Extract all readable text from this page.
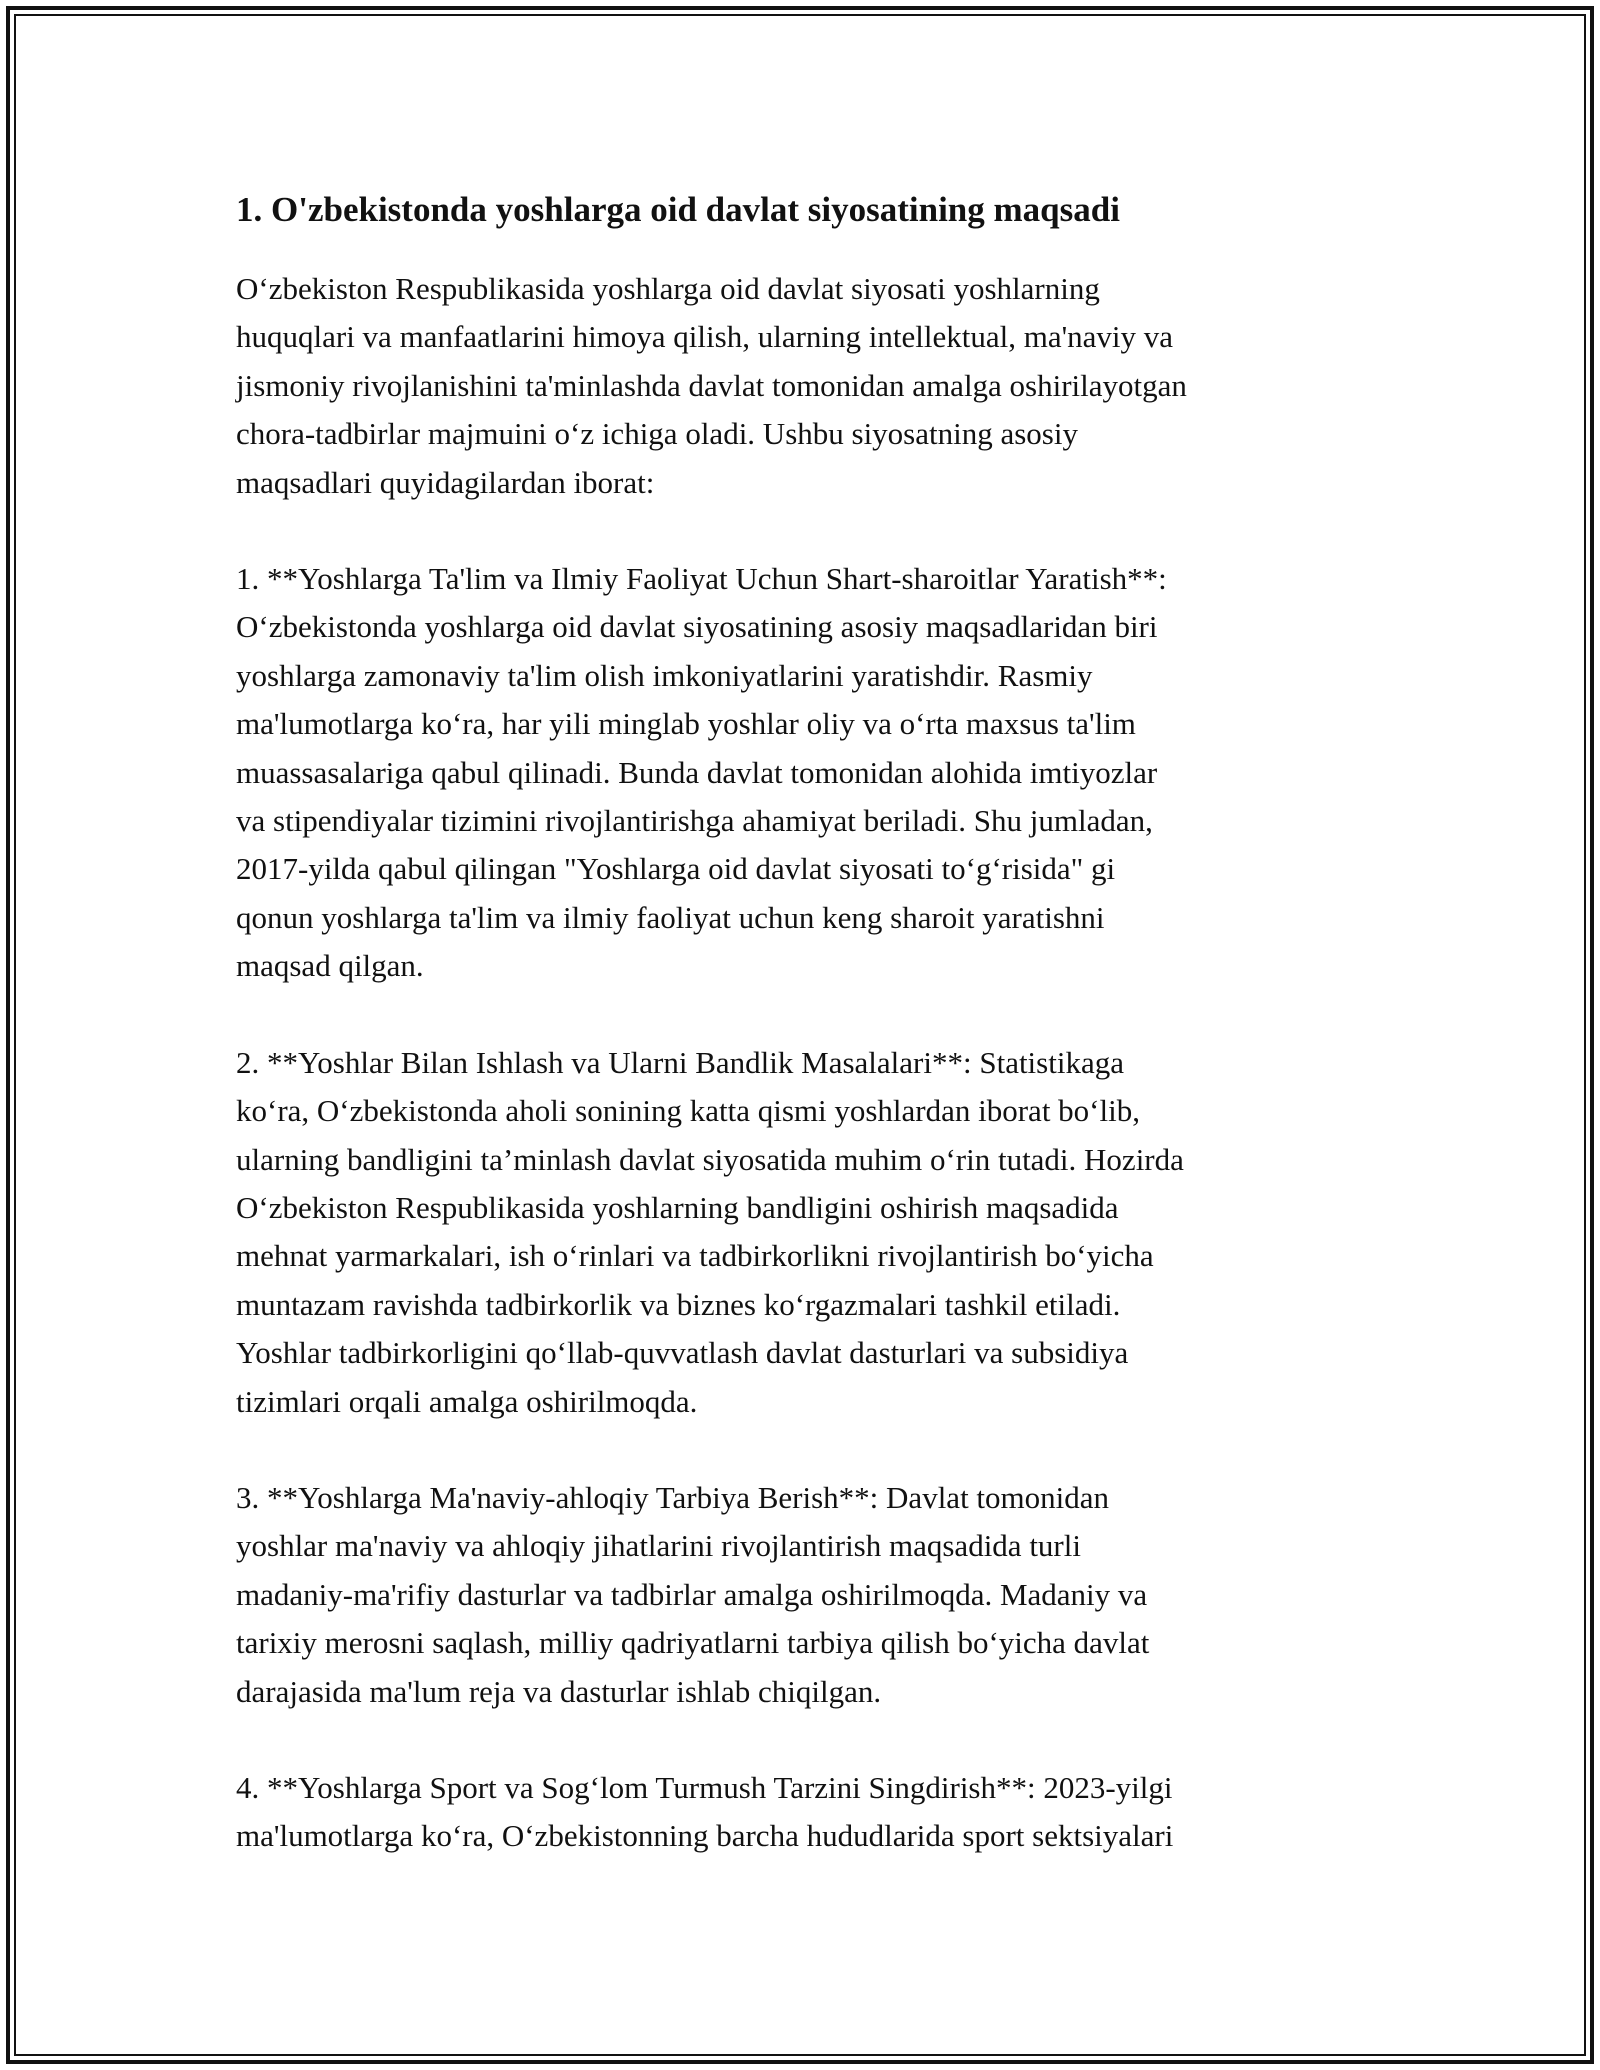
1. O'zbekistonda yoshlarga oid davlat siyosatining maqsadi

O‘zbekiston Respublikasida yoshlarga oid davlat siyosati yoshlarning
huquqlari va manfaatlarini himoya qilish, ularning intellektual, ma'naviy va
jismoniy rivojlanishini ta'minlashda davlat tomonidan amalga oshirilayotgan
chora-tadbirlar majmuini o‘z ichiga oladi. Ushbu siyosatning asosiy
maqsadlari quyidagilardan iborat:

1. **Yoshlarga Ta'lim va Ilmiy Faoliyat Uchun Shart-sharoitlar Yaratish**:
O‘zbekistonda yoshlarga oid davlat siyosatining asosiy maqsadlaridan biri
yoshlarga zamonaviy ta'lim olish imkoniyatlarini yaratishdir. Rasmiy
ma'lumotlarga ko‘ra, har yili minglab yoshlar oliy va o‘rta maxsus ta'lim
muassasalariga qabul qilinadi. Bunda davlat tomonidan alohida imtiyozlar
va stipendiyalar tizimini rivojlantirishga ahamiyat beriladi. Shu jumladan,
2017-yilda qabul qilingan "Yoshlarga oid davlat siyosati to‘g‘risida" gi
qonun yoshlarga ta'lim va ilmiy faoliyat uchun keng sharoit yaratishni
maqsad qilgan.

2. **Yoshlar Bilan Ishlash va Ularni Bandlik Masalalari**: Statistikaga
ko‘ra, O‘zbekistonda aholi sonining katta qismi yoshlardan iborat bo‘lib,
ularning bandligini ta’minlash davlat siyosatida muhim o‘rin tutadi. Hozirda
O‘zbekiston Respublikasida yoshlarning bandligini oshirish maqsadida
mehnat yarmarkalari, ish o‘rinlari va tadbirkorlikni rivojlantirish bo‘yicha
muntazam ravishda tadbirkorlik va biznes ko‘rgazmalari tashkil etiladi.
Yoshlar tadbirkorligini qo‘llab-quvvatlash davlat dasturlari va subsidiya
tizimlari orqali amalga oshirilmoqda.

3. **Yoshlarga Ma'naviy-ahloqiy Tarbiya Berish**: Davlat tomonidan
yoshlar ma'naviy va ahloqiy jihatlarini rivojlantirish maqsadida turli
madaniy-ma'rifiy dasturlar va tadbirlar amalga oshirilmoqda. Madaniy va
tarixiy merosni saqlash, milliy qadriyatlarni tarbiya qilish bo‘yicha davlat
darajasida ma'lum reja va dasturlar ishlab chiqilgan.

4. **Yoshlarga Sport va Sog‘lom Turmush Tarzini Singdirish**: 2023-yilgi
ma'lumotlarga ko‘ra, O‘zbekistonning barcha hududlarida sport sektsiyalari
